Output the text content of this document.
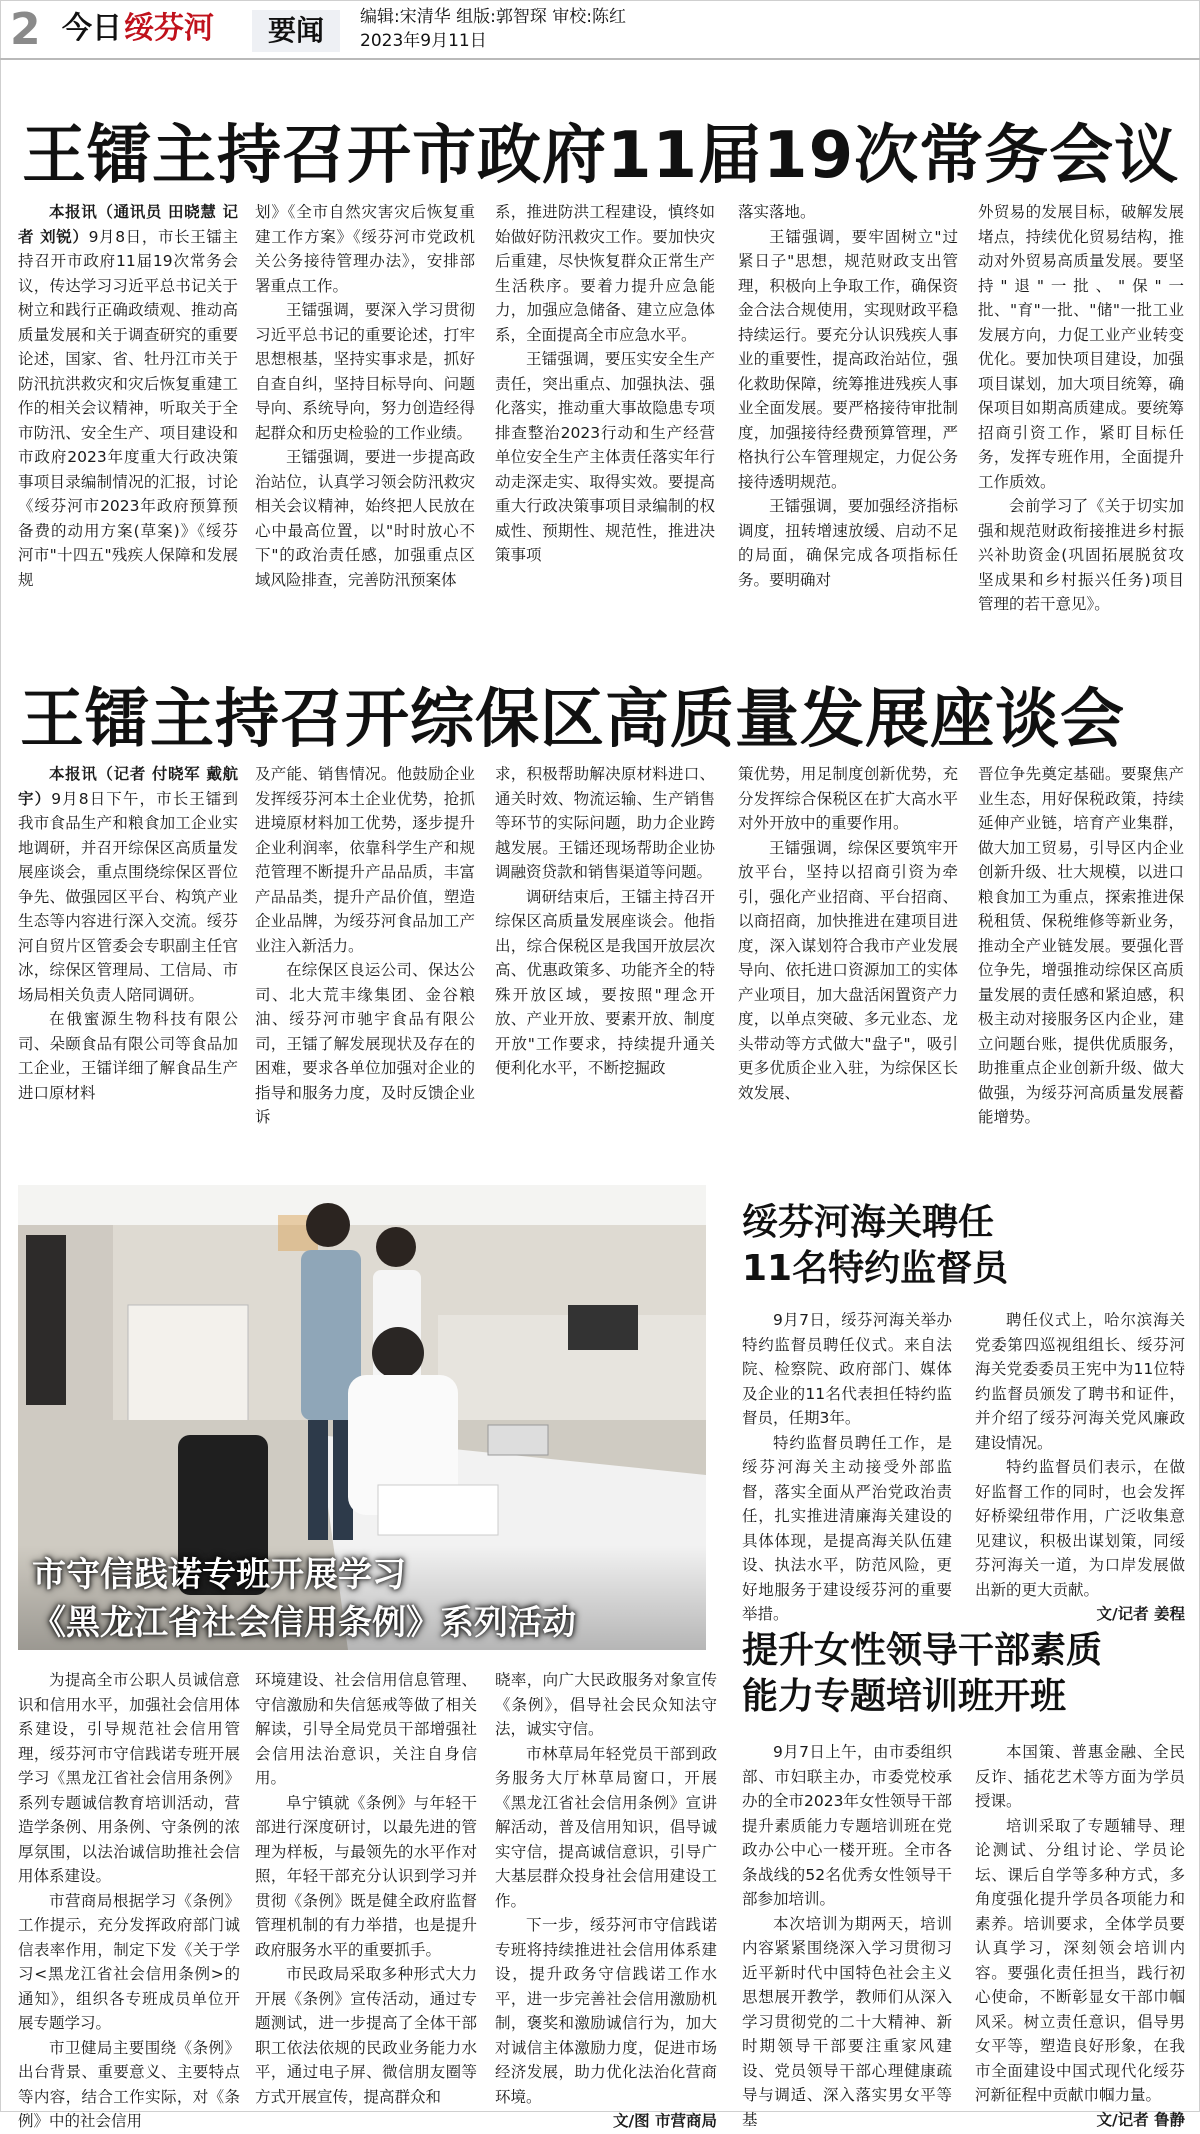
2 今日 绥芬河	要闻	编辑:宋清华 组版:郭智琛 审校:陈红
2023年9月11日
王镭主持召开市政府11届19次常务会议

本报讯（通讯员 田晓慧 记者 刘锐）9月8日，市长王镭主持召开市政府11届19次常务会议，传达学习习近平总书记关于树立和践行正确政绩观、推动高质量发展和关于调查研究的重要论述，国家、省、牡丹江市关于防汛抗洪救灾和灾后恢复重建工作的相关会议精神，听取关于全市防汛、安全生产、项目建设和市政府2023年度重大行政决策事项目录编制情况的汇报，讨论《绥芬河市2023年政府预算预备费的动用方案(草案)》《绥芬河市"十四五"残疾人保障和发展规

划》《全市自然灾害灾后恢复重建工作方案》《绥芬河市党政机关公务接待管理办法》，安排部署重点工作。

王镭强调，要深入学习贯彻习近平总书记的重要论述，打牢思想根基，坚持实事求是，抓好自查自纠，坚持目标导向、问题导向、系统导向，努力创造经得起群众和历史检验的工作业绩。

王镭强调，要进一步提高政治站位，认真学习领会防汛救灾相关会议精神，始终把人民放在心中最高位置，以"时时放心不下"的政治责任感，加强重点区域风险排查，完善防汛预案体

系，推进防洪工程建设，慎终如始做好防汛救灾工作。要加快灾后重建，尽快恢复群众正常生产生活秩序。要着力提升应急能力，加强应急储备、建立应急体系，全面提高全市应急水平。

王镭强调，要压实安全生产责任，突出重点、加强执法、强化落实，推动重大事故隐患专项排查整治2023行动和生产经营单位安全生产主体责任落实年行动走深走实、取得实效。要提高重大行政决策事项目录编制的权威性、预期性、规范性，推进决策事项

落实落地。

王镭强调，要牢固树立"过紧日子"思想，规范财政支出管理，积极向上争取工作，确保资金合法合规使用，实现财政平稳持续运行。要充分认识残疾人事业的重要性，提高政治站位，强化救助保障，统筹推进残疾人事业全面发展。要严格接待审批制度，加强接待经费预算管理，严格执行公车管理规定，力促公务接待透明规范。

王镭强调，要加强经济指标调度，扭转增速放缓、启动不足的局面，确保完成各项指标任务。要明确对

外贸易的发展目标，破解发展堵点，持续优化贸易结构，推动对外贸易高质量发展。要坚持"退"一批、"保"一批、"育"一批、"储"一批工业发展方向，力促工业产业转变优化。要加快项目建设，加强项目谋划，加大项目统筹，确保项目如期高质建成。要统筹招商引资工作，紧盯目标任务，发挥专班作用，全面提升工作质效。

会前学习了《关于切实加强和规范财政衔接推进乡村振兴补助资金(巩固拓展脱贫攻坚成果和乡村振兴任务)项目管理的若干意见》。

王镭主持召开综保区高质量发展座谈会

本报讯（记者 付晓军 戴航宇）9月8日下午，市长王镭到我市食品生产和粮食加工企业实地调研，并召开综保区高质量发展座谈会，重点围绕综保区晋位争先、做强园区平台、构筑产业生态等内容进行深入交流。绥芬河自贸片区管委会专职副主任官冰，综保区管理局、工信局、市场局相关负责人陪同调研。

在俄蜜源生物科技有限公司、朵颐食品有限公司等食品加工企业，王镭详细了解食品生产进口原材料

及产能、销售情况。他鼓励企业发挥绥芬河本土企业优势，抢抓进境原材料加工优势，逐步提升企业利润率，依靠科学生产和规范管理不断提升产品品质，丰富产品品类，提升产品价值，塑造企业品牌，为绥芬河食品加工产业注入新活力。

在综保区良运公司、保达公司、北大荒丰缘集团、金谷粮油、绥芬河市驰宇食品有限公司，王镭了解发展现状及存在的困难，要求各单位加强对企业的指导和服务力度，及时反馈企业诉

求，积极帮助解决原材料进口、通关时效、物流运输、生产销售等环节的实际问题，助力企业跨越发展。王镭还现场帮助企业协调融资贷款和销售渠道等问题。

调研结束后，王镭主持召开综保区高质量发展座谈会。他指出，综合保税区是我国开放层次高、优惠政策多、功能齐全的特殊开放区域，要按照"理念开放、产业开放、要素开放、制度开放"工作要求，持续提升通关便利化水平，不断挖掘政

策优势，用足制度创新优势，充分发挥综合保税区在扩大高水平对外开放中的重要作用。

王镭强调，综保区要筑牢开放平台，坚持以招商引资为牵引，强化产业招商、平台招商、以商招商，加快推进在建项目进度，深入谋划符合我市产业发展导向、依托进口资源加工的实体产业项目，加大盘活闲置资产力度，以单点突破、多元业态、龙头带动等方式做大"盘子"，吸引更多优质企业入驻，为综保区长效发展、

晋位争先奠定基础。要聚焦产业生态，用好保税政策，持续延伸产业链，培育产业集群，做大加工贸易，引导区内企业创新升级、壮大规模，以进口粮食加工为重点，探索推进保税租赁、保税维修等新业务，推动全产业链发展。要强化晋位争先，增强推动综保区高质量发展的责任感和紧迫感，积极主动对接服务区内企业，建立问题台账，提供优质服务，助推重点企业创新升级、做大做强，为绥芬河高质量发展蓄能增势。

市守信践诺专班开展学习
《黑龙江省社会信用条例》系列活动
绥芬河海关聘任
11名特约监督员
提升女性领导干部素质
能力专题培训班开班

为提高全市公职人员诚信意识和信用水平，加强社会信用体系建设，引导规范社会信用管理，绥芬河市守信践诺专班开展学习《黑龙江省社会信用条例》系列专题诚信教育培训活动，营造学条例、用条例、守条例的浓厚氛围，以法治诚信助推社会信用体系建设。

市营商局根据学习《条例》工作提示，充分发挥政府部门诚信表率作用，制定下发《关于学习<黑龙江省社会信用条例>的通知》，组织各专班成员单位开展专题学习。

市卫健局主要围绕《条例》出台背景、重要意义、主要特点等内容，结合工作实际，对《条例》中的社会信用

环境建设、社会信用信息管理、守信激励和失信惩戒等做了相关解读，引导全局党员干部增强社会信用法治意识，关注自身信用。

阜宁镇就《条例》与年轻干部进行深度研讨，以最先进的管理为样板，与最领先的水平作对照，年轻干部充分认识到学习并贯彻《条例》既是健全政府监督管理机制的有力举措，也是提升政府服务水平的重要抓手。

市民政局采取多种形式大力开展《条例》宣传活动，通过专题测试，进一步提高了全体干部职工依法依规的民政业务能力水平，通过电子屏、微信朋友圈等方式开展宣传，提高群众和

晓率，向广大民政服务对象宣传《条例》，倡导社会民众知法守法，诚实守信。

市林草局年轻党员干部到政务服务大厅林草局窗口，开展《黑龙江省社会信用条例》宣讲解活动，普及信用知识，倡导诚实守信，提高诚信意识，引导广大基层群众投身社会信用建设工作。

下一步，绥芬河市守信践诺专班将持续推进社会信用体系建设，提升政务守信践诺工作水平，进一步完善社会信用激励机制，褒奖和激励诚信行为，加大对诚信主体激励力度，促进市场经济发展，助力优化法治化营商环境。

文/图 市营商局

9月7日，绥芬河海关举办特约监督员聘任仪式。来自法院、检察院、政府部门、媒体及企业的11名代表担任特约监督员，任期3年。

特约监督员聘任工作，是绥芬河海关主动接受外部监督，落实全面从严治党政治责任，扎实推进清廉海关建设的具体体现，是提高海关队伍建设、执法水平，防范风险，更好地服务于建设绥芬河的重要举措。

聘任仪式上，哈尔滨海关党委第四巡视组组长、绥芬河海关党委委员王宪中为11位特约监督员颁发了聘书和证件，并介绍了绥芬河海关党风廉政建设情况。

特约监督员们表示，在做好监督工作的同时，也会发挥好桥梁纽带作用，广泛收集意见建议，积极出谋划策，同绥芬河海关一道，为口岸发展做出新的更大贡献。

文/记者 姜程

9月7日上午，由市委组织部、市妇联主办，市委党校承办的全市2023年女性领导干部提升素质能力专题培训班在党政办公中心一楼开班。全市各条战线的52名优秀女性领导干部参加培训。

本次培训为期两天，培训内容紧紧围绕深入学习贯彻习近平新时代中国特色社会主义思想展开教学，教师们从深入学习贯彻党的二十大精神、新时期领导干部要注重家风建设、党员领导干部心理健康疏导与调适、深入落实男女平等基

本国策、普惠金融、全民反诈、插花艺术等方面为学员授课。

培训采取了专题辅导、理论测试、分组讨论、学员论坛、课后自学等多种方式，多角度强化提升学员各项能力和素养。培训要求，全体学员要认真学习，深刻领会培训内容。要强化责任担当，践行初心使命，不断彰显女干部巾帼风采。树立责任意识，倡导男女平等，塑造良好形象，在我市全面建设中国式现代化绥芬河新征程中贡献巾帼力量。

文/记者 鲁静
